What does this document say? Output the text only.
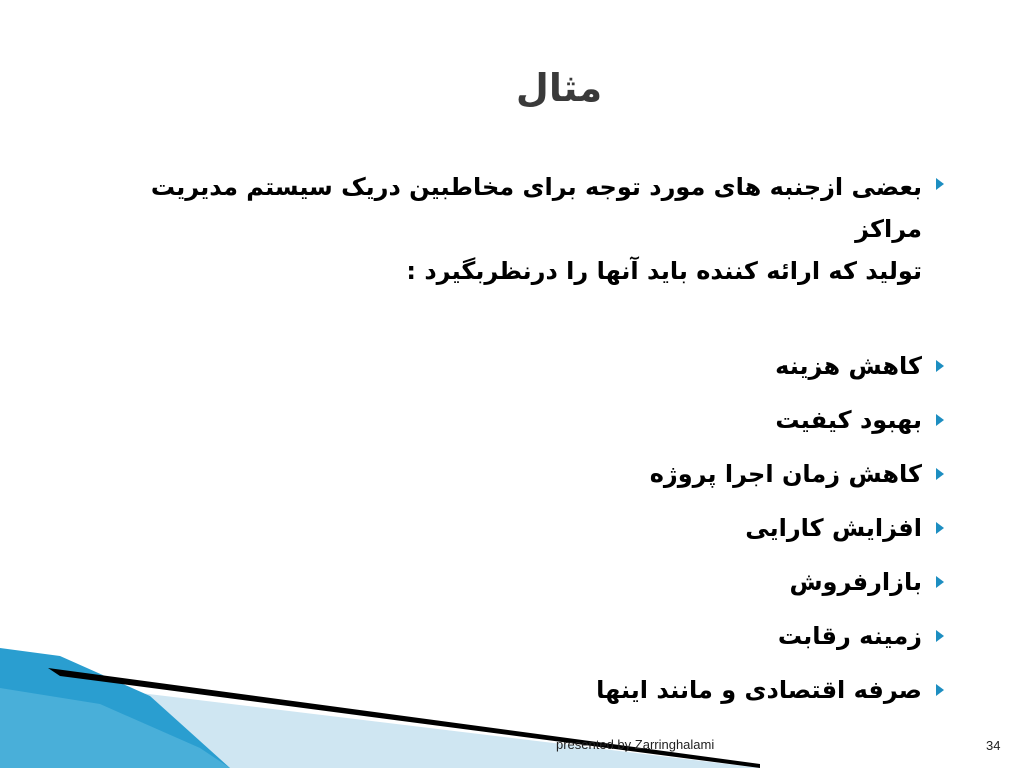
مثال
بعضی ازجنبه های مورد توجه برای مخاطبین دریک سیستم مدیریت مراکز
تولید که ارائه کننده باید آنها را درنظربگیرد :
کاهش هزینه
بهبود کیفیت
کاهش زمان اجرا پروژه
افزایش کارایی
بازارفروش
زمینه رقابت
صرفه اقتصادی و مانند اینها
presented by Zarringhalami	34
